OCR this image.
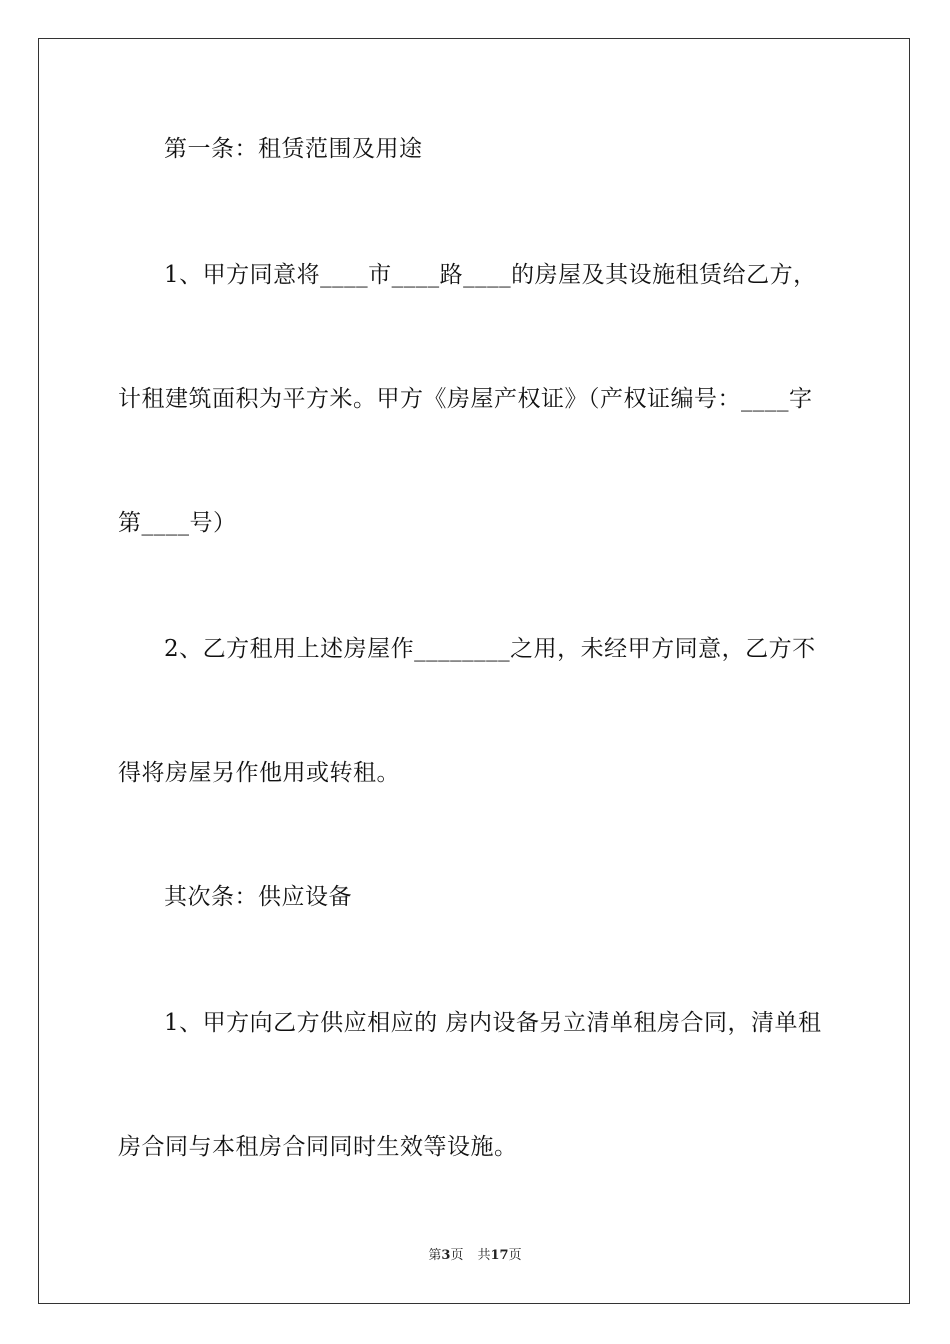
第一条：租赁范围及用途
1、甲方同意将____市____路____的房屋及其设施租赁给乙方，
计租建筑面积为平方米。甲方《房屋产权证》（产权证编号：____字
第____号）
2、乙方租用上述房屋作________之用，未经甲方同意，乙方不
得将房屋另作他用或转租。
其次条：供应设备
1、甲方向乙方供应相应的 房内设备另立清单租房合同，清单租
房合同与本租房合同同时生效等设施。
第3页 共17页
